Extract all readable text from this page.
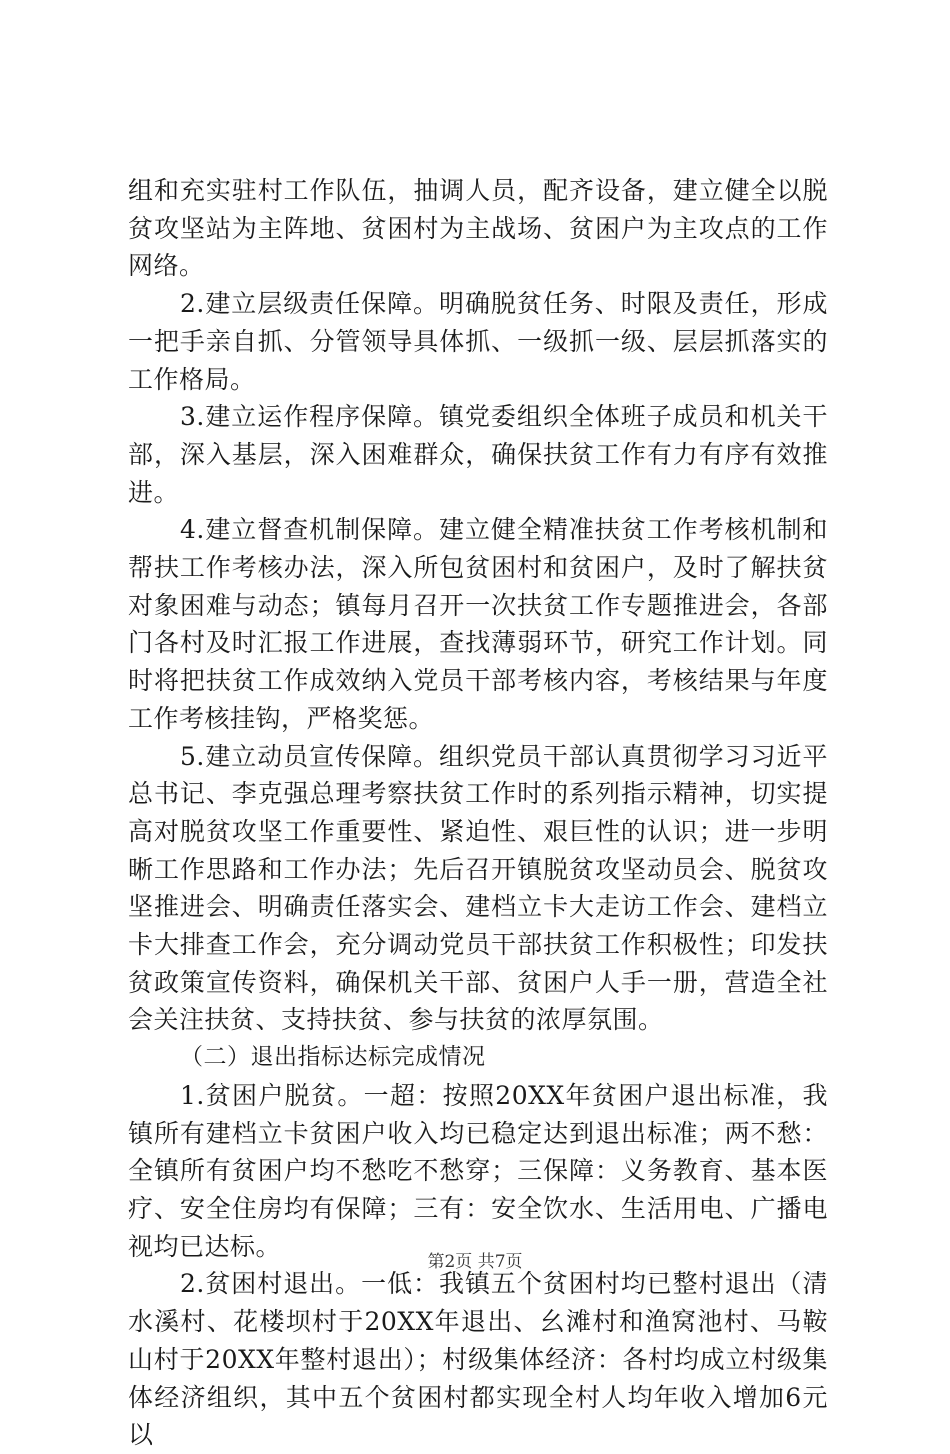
组和充实驻村工作队伍，抽调人员，配齐设备，建立健全以脱贫攻坚站为主阵地、贫困村为主战场、贫困户为主攻点的工作网络。

2.建立层级责任保障。明确脱贫任务、时限及责任，形成一把手亲自抓、分管领导具体抓、一级抓一级、层层抓落实的工作格局。

3.建立运作程序保障。镇党委组织全体班子成员和机关干部，深入基层，深入困难群众，确保扶贫工作有力有序有效推进。

4.建立督查机制保障。建立健全精准扶贫工作考核机制和帮扶工作考核办法，深入所包贫困村和贫困户，及时了解扶贫对象困难与动态；镇每月召开一次扶贫工作专题推进会，各部门各村及时汇报工作进展，查找薄弱环节，研究工作计划。同时将把扶贫工作成效纳入党员干部考核内容，考核结果与年度工作考核挂钩，严格奖惩。

5.建立动员宣传保障。组织党员干部认真贯彻学习习近平总书记、李克强总理考察扶贫工作时的系列指示精神，切实提高对脱贫攻坚工作重要性、紧迫性、艰巨性的认识；进一步明晰工作思路和工作办法；先后召开镇脱贫攻坚动员会、脱贫攻坚推进会、明确责任落实会、建档立卡大走访工作会、建档立卡大排查工作会，充分调动党员干部扶贫工作积极性；印发扶贫政策宣传资料，确保机关干部、贫困户人手一册，营造全社会关注扶贫、支持扶贫、参与扶贫的浓厚氛围。

（二）退出指标达标完成情况

1.贫困户脱贫。一超：按照20XX年贫困户退出标准，我镇所有建档立卡贫困户收入均已稳定达到退出标准；两不愁：全镇所有贫困户均不愁吃不愁穿；三保障：义务教育、基本医疗、安全住房均有保障；三有：安全饮水、生活用电、广播电视均已达标。

2.贫困村退出。一低：我镇五个贫困村均已整村退出（清水溪村、花楼坝村于20XX年退出、幺滩村和渔窝池村、马鞍山村于20XX年整村退出）；村级集体经济：各村均成立村级集体经济组织，其中五个贫困村都实现全村人均年收入增加6元以

第2页 共7页
